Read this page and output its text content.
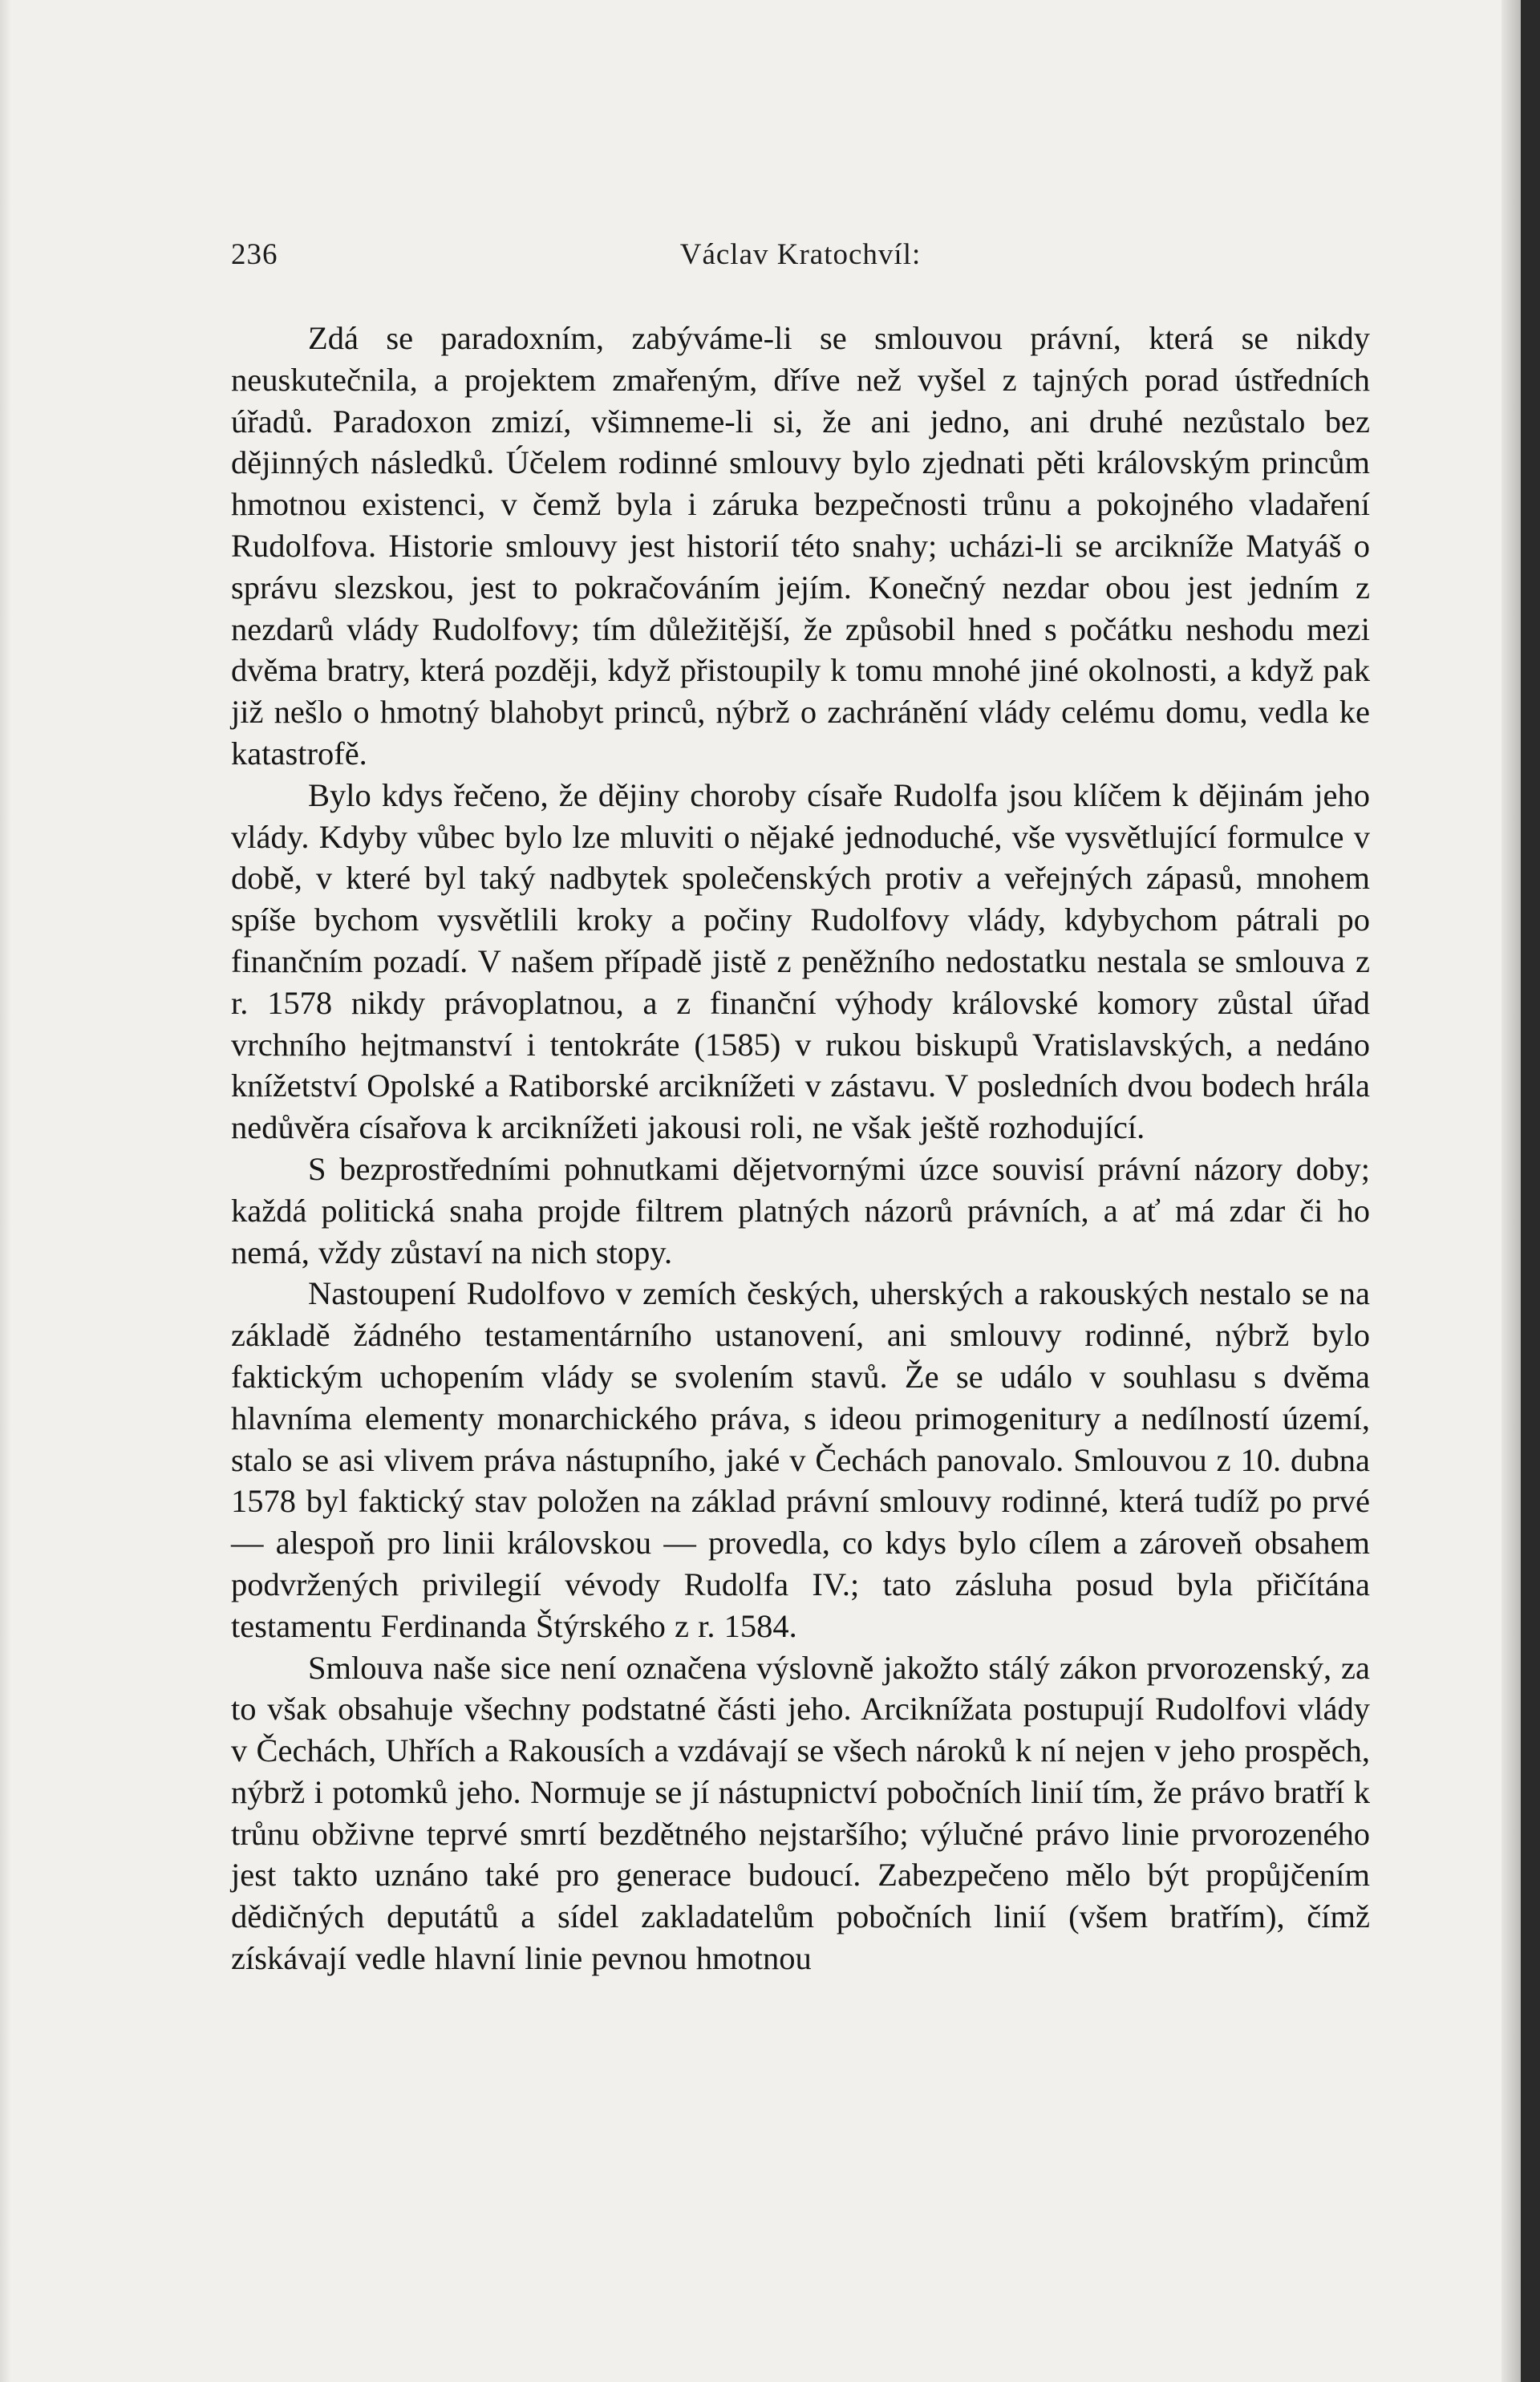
236	Václav Kratochvíl:

Zdá se paradoxním, zabýváme-li se smlouvou právní, která se nikdy neuskutečnila, a projektem zmařeným, dříve než vyšel z tajných porad ústředních úřadů. Paradoxon zmizí, všimneme-li si, že ani jedno, ani druhé nezůstalo bez dějinných následků. Účelem rodinné smlouvy bylo zjednati pěti královským princům hmotnou existenci, v čemž byla i záruka bezpečnosti trůnu a pokojného vladaření Rudolfova. Historie smlouvy jest historií této snahy; ucházi-li se arcikníže Matyáš o správu slezskou, jest to pokračováním jejím. Konečný nezdar obou jest jedním z nezdarů vlády Rudolfovy; tím důležitější, že způsobil hned s počátku neshodu mezi dvěma bratry, která později, když přistoupily k tomu mnohé jiné okolnosti, a když pak již nešlo o hmotný blahobyt princů, nýbrž o zachránění vlády celému domu, vedla ke katastrofě.

Bylo kdys řečeno, že dějiny choroby císaře Rudolfa jsou klíčem k dějinám jeho vlády. Kdyby vůbec bylo lze mluviti o nějaké jednoduché, vše vysvětlující formulce v době, v které byl taký nadbytek společenských protiv a veřejných zápasů, mnohem spíše bychom vysvětlili kroky a počiny Rudolfovy vlády, kdybychom pátrali po finančním pozadí. V našem případě jistě z peněžního nedostatku nestala se smlouva z r. 1578 nikdy právoplatnou, a z finanční výhody královské komory zůstal úřad vrchního hejtmanství i tentokráte (1585) v rukou biskupů Vratislavských, a nedáno knížetství Opolské a Ratiborské arciknížeti v zástavu. V posledních dvou bodech hrála nedůvěra císařova k arciknížeti jakousi roli, ne však ještě rozhodující.

S bezprostředními pohnutkami dějetvornými úzce souvisí právní názory doby; každá politická snaha projde filtrem platných názorů právních, a ať má zdar či ho nemá, vždy zůstaví na nich stopy.

Nastoupení Rudolfovo v zemích českých, uherských a rakouských nestalo se na základě žádného testamentárního ustanovení, ani smlouvy rodinné, nýbrž bylo faktickým uchopením vlády se svolením stavů. Že se událo v souhlasu s dvěma hlavníma elementy monarchického práva, s ideou primogenitury a nedílností území, stalo se asi vlivem práva nástupního, jaké v Čechách panovalo. Smlouvou z 10. dubna 1578 byl faktický stav položen na základ právní smlouvy rodinné, která tudíž po prvé — alespoň pro linii královskou — provedla, co kdys bylo cílem a zároveň obsahem podvržených privilegií vévody Rudolfa IV.; tato zásluha posud byla přičítána testamentu Ferdinanda Štýrského z r. 1584.

Smlouva naše sice není označena výslovně jakožto stálý zákon prvorozenský, za to však obsahuje všechny podstatné části jeho. Arciknížata postupují Rudolfovi vlády v Čechách, Uhřích a Rakousích a vzdávají se všech nároků k ní nejen v jeho prospěch, nýbrž i potomků jeho. Normuje se jí nástupnictví pobočních linií tím, že právo bratří k trůnu obživne teprvé smrtí bezdětného nejstaršího; výlučné právo linie prvorozeného jest takto uznáno také pro generace budoucí. Zabezpečeno mělo být propůjčením dědičných deputátů a sídel zakladatelům pobočních linií (všem bratřím), čímž získávají vedle hlavní linie pevnou hmotnou
